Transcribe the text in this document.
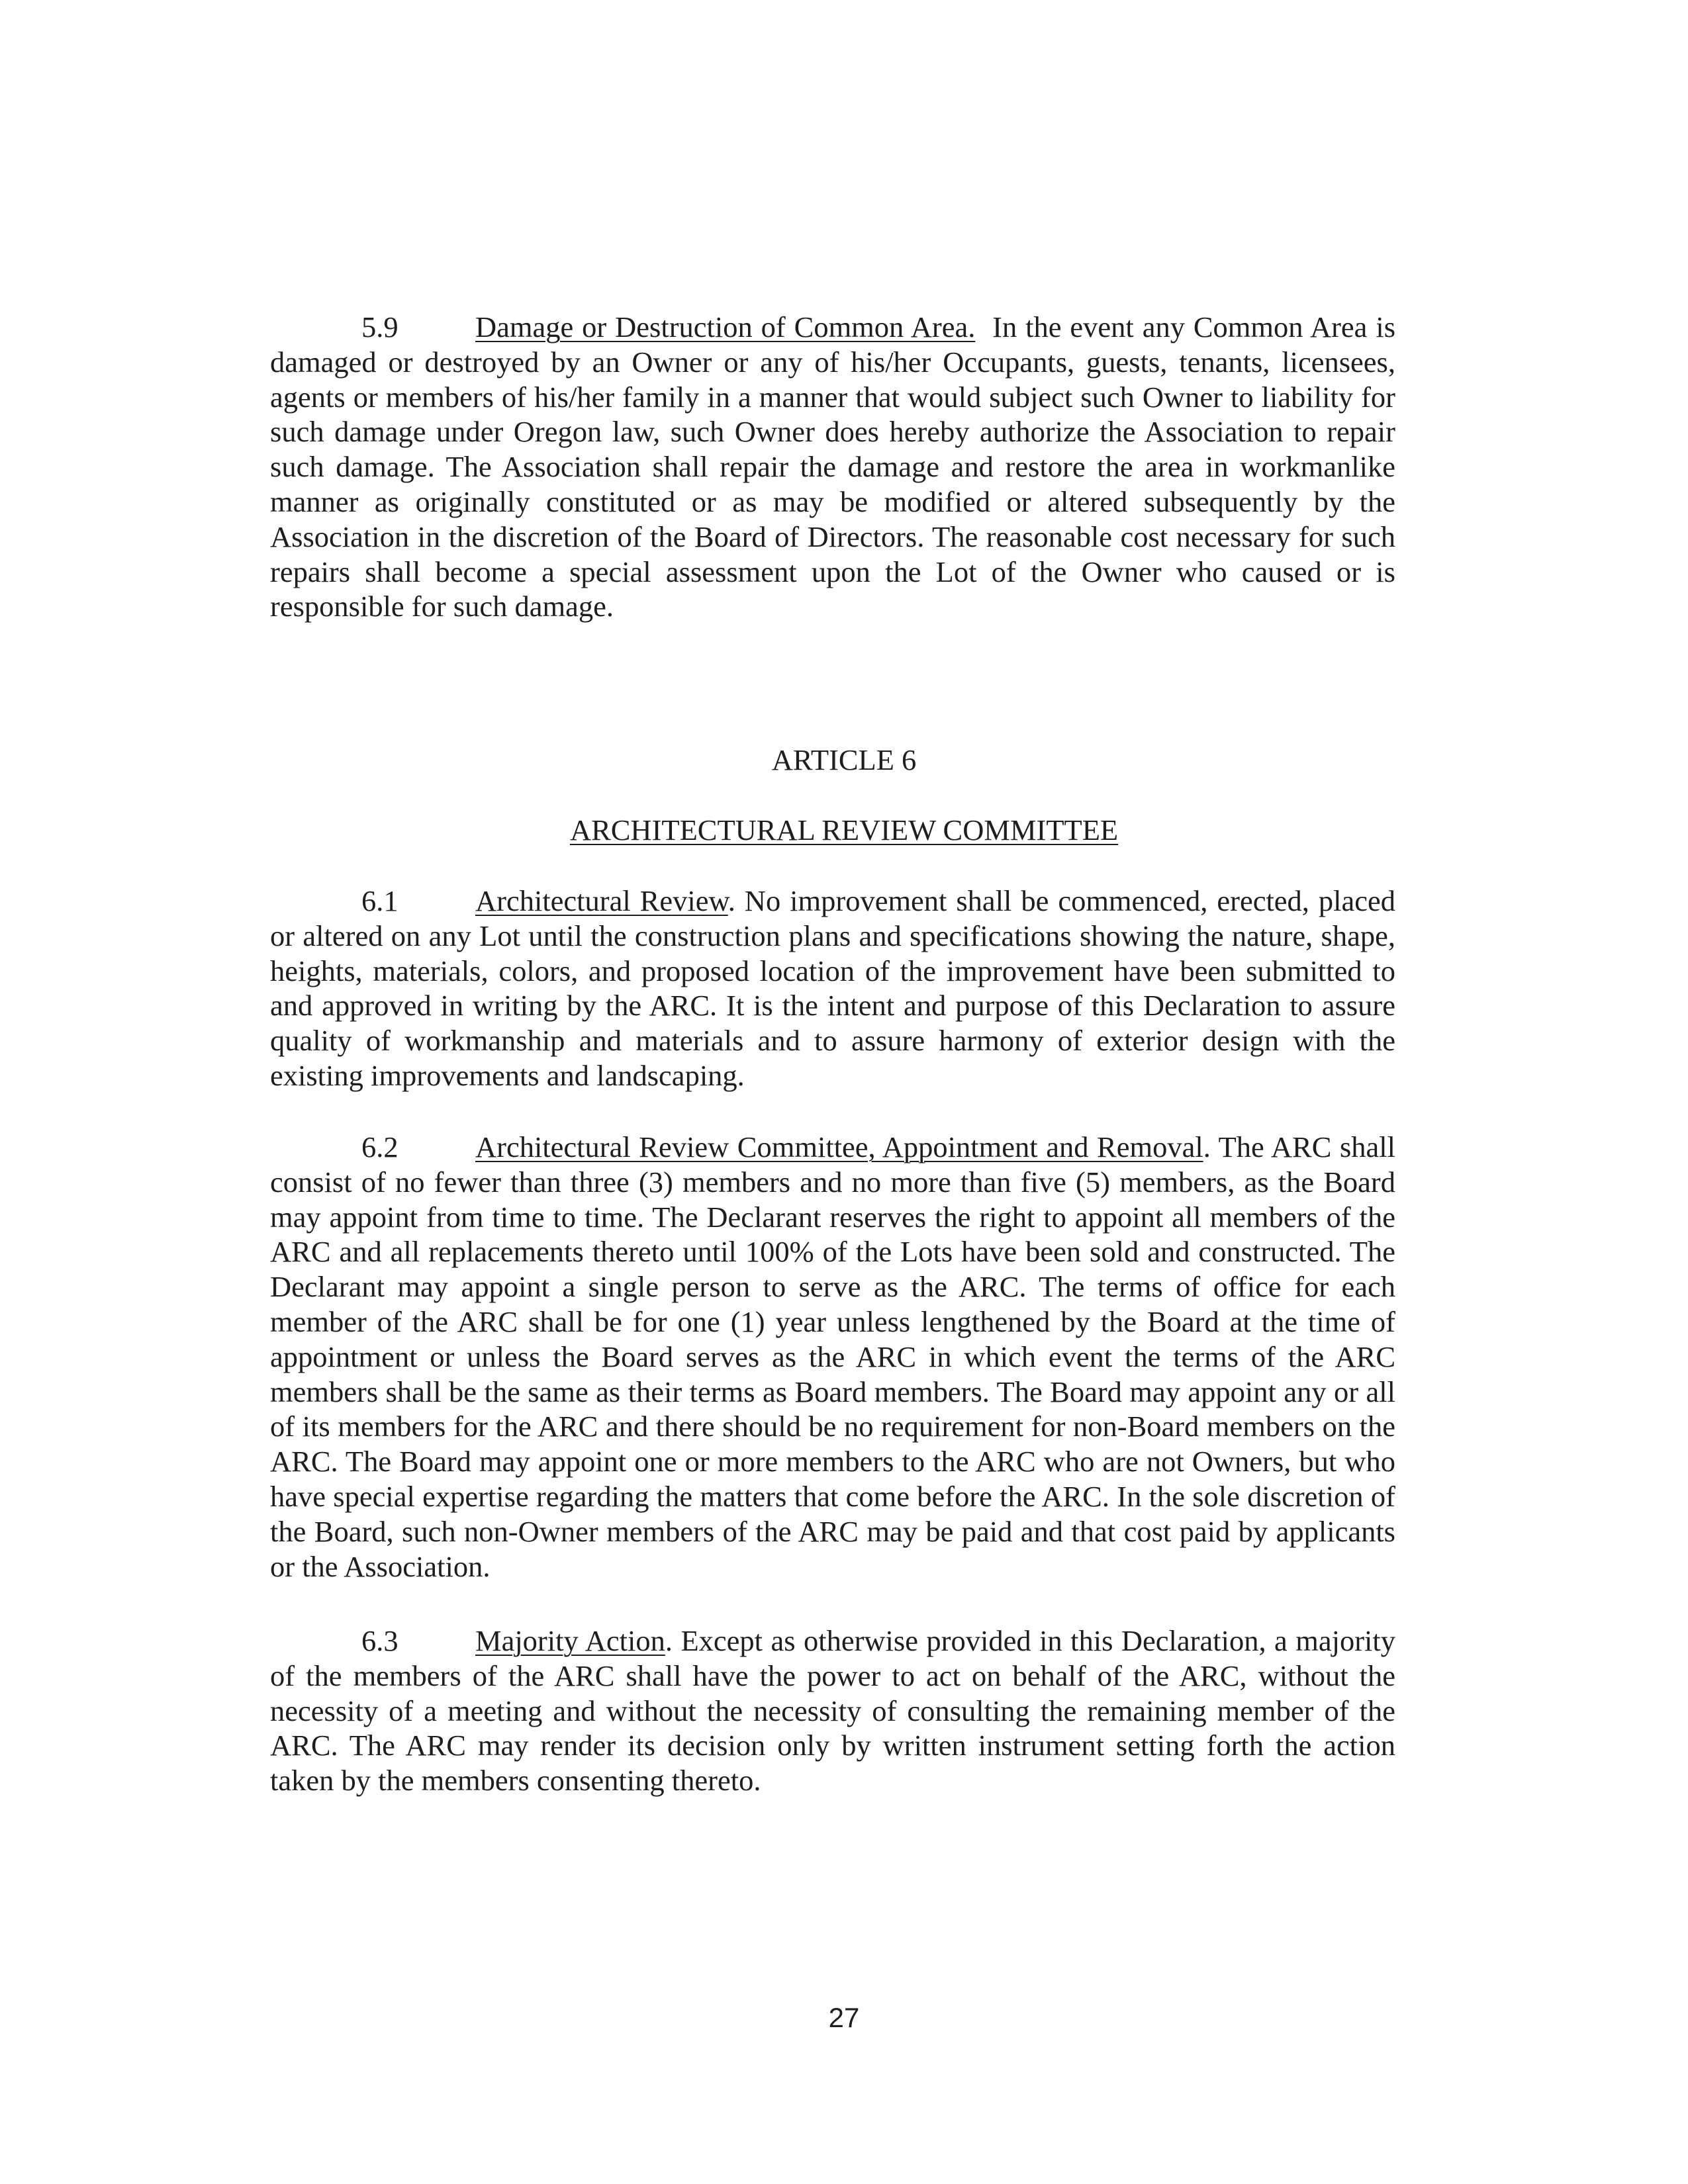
5.9	Damage or Destruction of Common Area. In the event any Common Area is damaged or destroyed by an Owner or any of his/her Occupants, guests, tenants, licensees, agents or members of his/her family in a manner that would subject such Owner to liability for such damage under Oregon law, such Owner does hereby authorize the Association to repair such damage. The Association shall repair the damage and restore the area in workmanlike manner as originally constituted or as may be modified or altered subsequently by the Association in the discretion of the Board of Directors. The reasonable cost necessary for such repairs shall become a special assessment upon the Lot of the Owner who caused or is responsible for such damage.

ARTICLE 6

ARCHITECTURAL REVIEW COMMITTEE

6.1	Architectural Review. No improvement shall be commenced, erected, placed or altered on any Lot until the construction plans and specifications showing the nature, shape, heights, materials, colors, and proposed location of the improvement have been submitted to and approved in writing by the ARC. It is the intent and purpose of this Declaration to assure quality of workmanship and materials and to assure harmony of exterior design with the existing improvements and landscaping.

6.2	Architectural Review Committee, Appointment and Removal. The ARC shall consist of no fewer than three (3) members and no more than five (5) members, as the Board may appoint from time to time. The Declarant reserves the right to appoint all members of the ARC and all replacements thereto until 100% of the Lots have been sold and constructed. The Declarant may appoint a single person to serve as the ARC. The terms of office for each member of the ARC shall be for one (1) year unless lengthened by the Board at the time of appointment or unless the Board serves as the ARC in which event the terms of the ARC members shall be the same as their terms as Board members. The Board may appoint any or all of its members for the ARC and there should be no requirement for non-Board members on the ARC. The Board may appoint one or more members to the ARC who are not Owners, but who have special expertise regarding the matters that come before the ARC. In the sole discretion of the Board, such non-Owner members of the ARC may be paid and that cost paid by applicants or the Association.

6.3	Majority Action. Except as otherwise provided in this Declaration, a majority of the members of the ARC shall have the power to act on behalf of the ARC, without the necessity of a meeting and without the necessity of consulting the remaining member of the ARC. The ARC may render its decision only by written instrument setting forth the action taken by the members consenting thereto.

27
